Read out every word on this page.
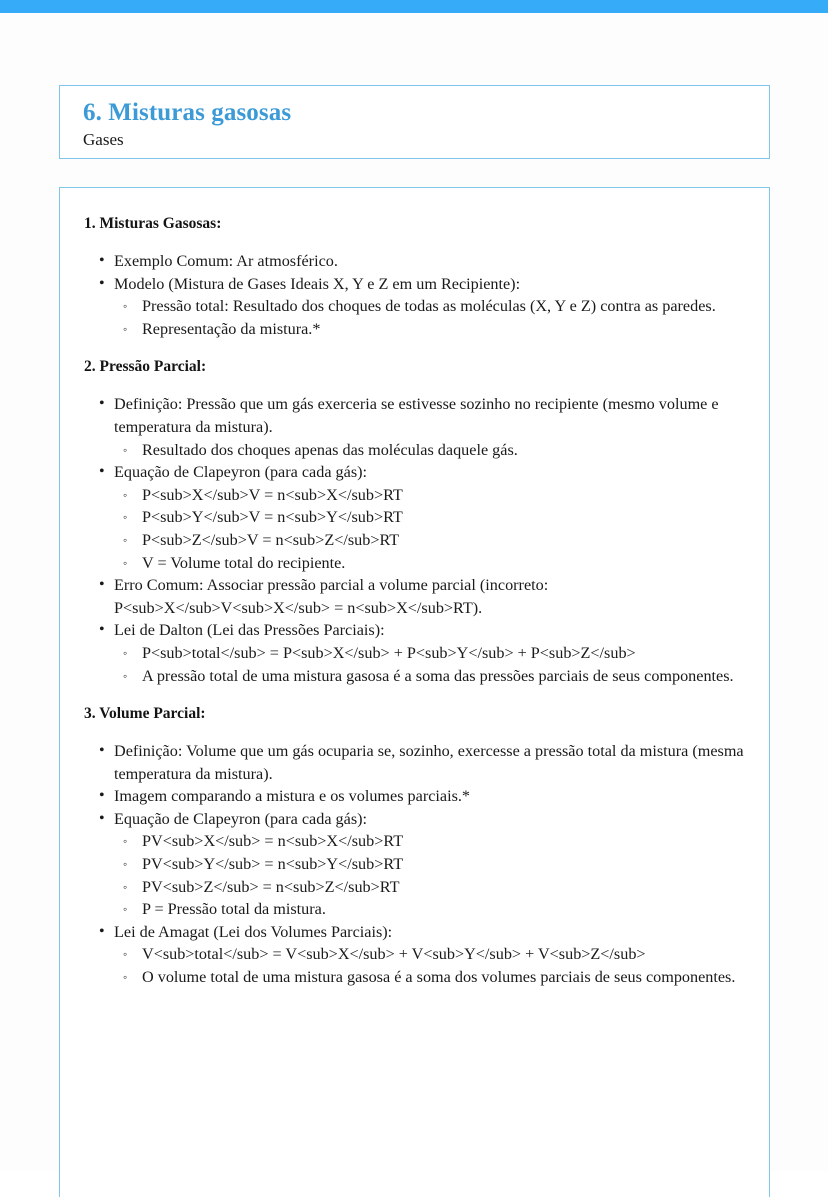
6. Misturas gasosas
Gases
1. Misturas Gasosas:
• Exemplo Comum: Ar atmosférico.
• Modelo (Mistura de Gases Ideais X, Y e Z em um Recipiente):
◦ Pressão total: Resultado dos choques de todas as moléculas (X, Y e Z) contra as paredes.
◦ Representação da mistura.*
2. Pressão Parcial:
• Definição: Pressão que um gás exerceria se estivesse sozinho no recipiente (mesmo volume e temperatura da mistura).
◦ Resultado dos choques apenas das moléculas daquele gás.
• Equação de Clapeyron (para cada gás):
◦ P<sub>X</sub>V = n<sub>X</sub>RT
◦ P<sub>Y</sub>V = n<sub>Y</sub>RT
◦ P<sub>Z</sub>V = n<sub>Z</sub>RT
◦ V = Volume total do recipiente.
• Erro Comum: Associar pressão parcial a volume parcial (incorreto: P<sub>X</sub>V<sub>X</sub> = n<sub>X</sub>RT).
• Lei de Dalton (Lei das Pressões Parciais):
◦ P<sub>total</sub> = P<sub>X</sub> + P<sub>Y</sub> + P<sub>Z</sub>
◦ A pressão total de uma mistura gasosa é a soma das pressões parciais de seus componentes.
3. Volume Parcial:
• Definição: Volume que um gás ocuparia se, sozinho, exercesse a pressão total da mistura (mesma temperatura da mistura).
• Imagem comparando a mistura e os volumes parciais.*
• Equação de Clapeyron (para cada gás):
◦ PV<sub>X</sub> = n<sub>X</sub>RT
◦ PV<sub>Y</sub> = n<sub>Y</sub>RT
◦ PV<sub>Z</sub> = n<sub>Z</sub>RT
◦ P = Pressão total da mistura.
• Lei de Amagat (Lei dos Volumes Parciais):
◦ V<sub>total</sub> = V<sub>X</sub> + V<sub>Y</sub> + V<sub>Z</sub>
◦ O volume total de uma mistura gasosa é a soma dos volumes parciais de seus componentes.
